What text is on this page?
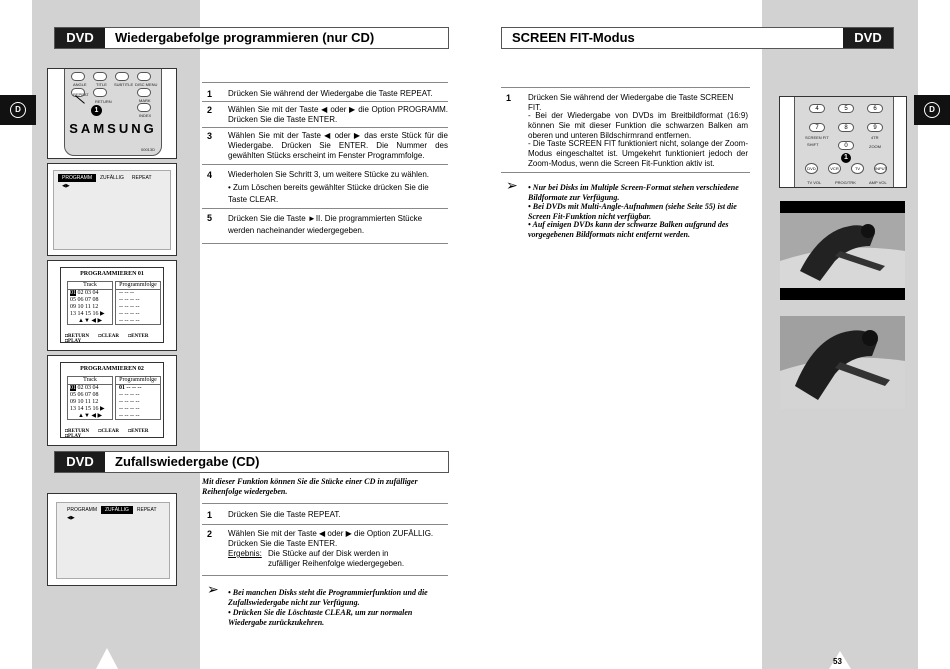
D	D
DVD	Wiedergabefolge programmieren (nur CD)
ANGLE TITLE SUBTITLE DISC MENU
REPEAT
RETURN	MARK
INDEX
1
SAMSUNG
00013D
PROGRAMM ZUFÄLLIG REPEAT◀▶
PROGRAMMIEREN 01
Track
01 02 03 04
05 06 07 08
09 10 11 12
13 14 15 16 ▶
▲▼ ◀ ▶
Programmfolge
-- -- --
-- -- -- --
-- -- -- --
-- -- -- --
-- -- -- --
◘RETURN ◘CLEAR ◘ENTER ◘PLAY
PROGRAMMIEREN 02
Track
01 02 03 04
05 06 07 08
09 10 11 12
13 14 15 16 ▶
▲▼ ◀ ▶
Programmfolge
01 -- -- --
-- -- -- --
-- -- -- --
-- -- -- --
-- -- -- --
◘RETURN ◘CLEAR ◘ENTER ◘PLAY
1 Drücken Sie während der Wiedergabe die Taste REPEAT.
2 Wählen Sie mit der Taste ◀ oder ▶ die Option PROGRAMM. Drücken Sie die Taste ENTER.
3 Wählen Sie mit der Taste ◀ oder ▶ das erste Stück für die Wiedergabe. Drücken Sie ENTER. Die Nummer des gewählten Stücks erscheint im Fenster Programmfolge.
4 Wiederholen Sie Schritt 3, um weitere Stücke zu wählen.
• Zum Löschen bereits gewählter Stücke drücken Sie die Taste CLEAR.
5 Drücken Sie die Taste ►II. Die programmierten Stücke werden nacheinander wiedergegeben.
DVD	Zufallswiedergabe (CD)
Mit dieser Funktion können Sie die Stücke einer CD in zufälliger Reihenfolge wiedergeben.
PROGRAMM ZUFÄLLIG REPEAT◀▶	1 Drücken Sie die Taste REPEAT.
2 Wählen Sie mit der Taste ◀ oder ▶ die Option ZUFÄLLIG. Drücken Sie die Taste ENTER.
Ergebnis: Die Stücke auf der Disk werden in zufälliger Reihenfolge wiedergegeben.
➢ • Bei manchen Disks steht die Programmierfunktion und die Zufallswiedergabe nicht zur Verfügung.
• Drücken Sie die Löschtaste CLEAR, um zur normalen Wiedergabe zurückzukehren.
SCREEN FIT-Modus	DVD
1 Drücken Sie während der Wiedergabe die Taste SCREEN FIT.
- Bei der Wiedergabe von DVDs im Breitbildformat (16:9) können Sie mit dieser Funktion die schwarzen Balken am oberen und unteren Bildschirmrand entfernen.
- Die Taste SCREEN FIT funktioniert nicht, solange der Zoom-Modus eingeschaltet ist. Umgekehrt funktioniert jedoch der Zoom-Modus, wenn die Screen Fit-Funktion aktiv ist.
➢ • Nur bei Disks im Multiple Screen-Format stehen verschiedene Bildformate zur Verfügung.
• Bei DVDs mit Multi-Angle-Aufnahmen (siehe Seite 55) ist die Screen Fit-Funktion nicht verfügbar.
• Auf einigen DVDs kann der schwarze Balken aufgrund des vorgegebenen Bildformats nicht entfernt werden.
4	5	6
7	8	9
SCREEN FIT	4TR
SHIFT	0	ZOOM
1
DVD	VCR	TV	INPUT
TV VOL	PROG/TRK	AMP VOL
53
